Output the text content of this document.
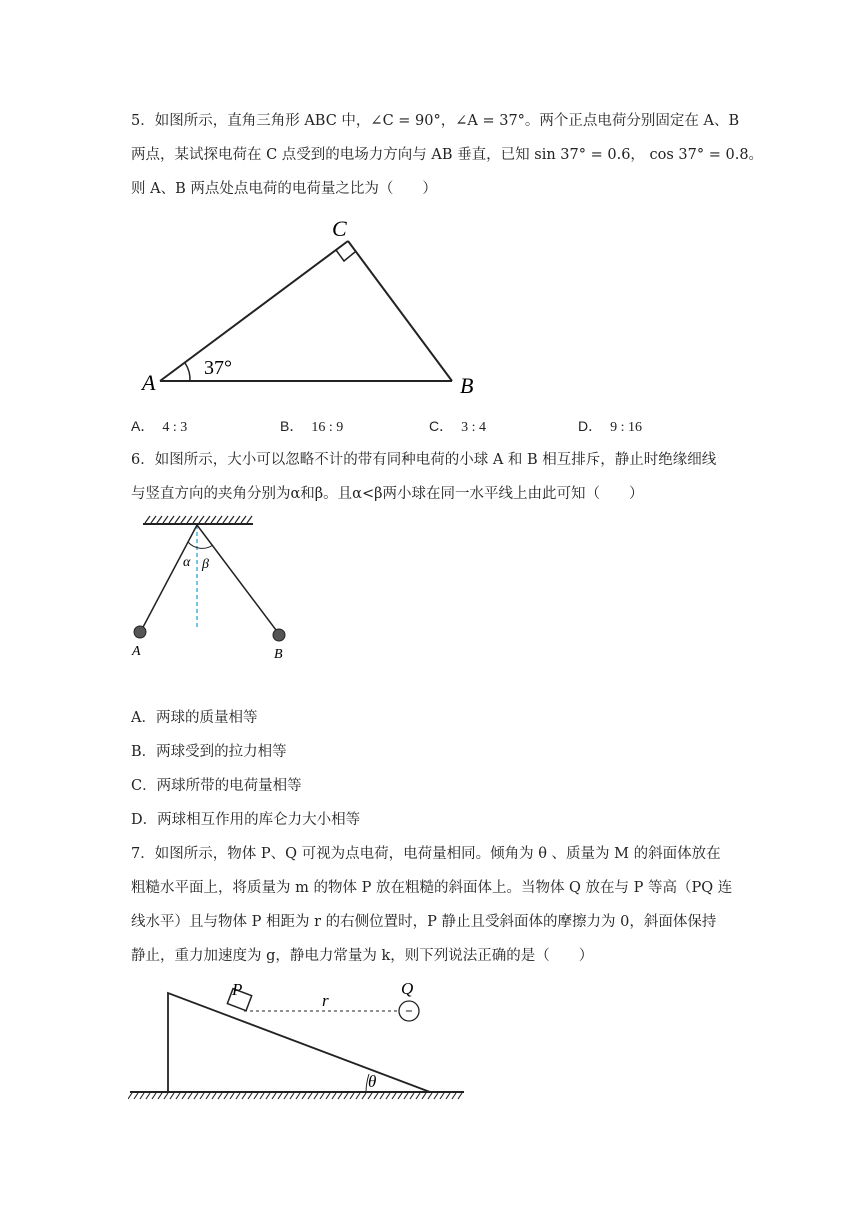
5．如图所示，直角三角形 ABC 中，∠C = 90°，∠A = 37°。两个正点电荷分别固定在 A、B
两点，某试探电荷在 C 点受到的电场力方向与 AB 垂直，已知 sin 37° = 0.6， cos 37° = 0.8。
则 A、B 两点处点电荷的电荷量之比为（　　）
A	B
C
37°
A． 4 : 3	B． 16 : 9	C． 3 : 4	D． 9 : 16
6．如图所示，大小可以忽略不计的带有同种电荷的小球 A 和 B 相互排斥，静止时绝缘细线
与竖直方向的夹角分别为α和β。且α<β两小球在同一水平线上由此可知（　　）
α β
A	B
A．两球的质量相等
B．两球受到的拉力相等
C．两球所带的电荷量相等
D．两球相互作用的库仑力大小相等
7．如图所示，物体 P、Q 可视为点电荷，电荷量相同。倾角为 θ 、质量为 M 的斜面体放在
粗糙水平面上，将质量为 m 的物体 P 放在粗糙的斜面体上。当物体 Q 放在与 P 等高（PQ 连
线水平）且与物体 P 相距为 r 的右侧位置时，P 静止且受斜面体的摩擦力为 0，斜面体保持
静止，重力加速度为 g，静电力常量为 k，则下列说法正确的是（　　）
P
r
Q
θ
